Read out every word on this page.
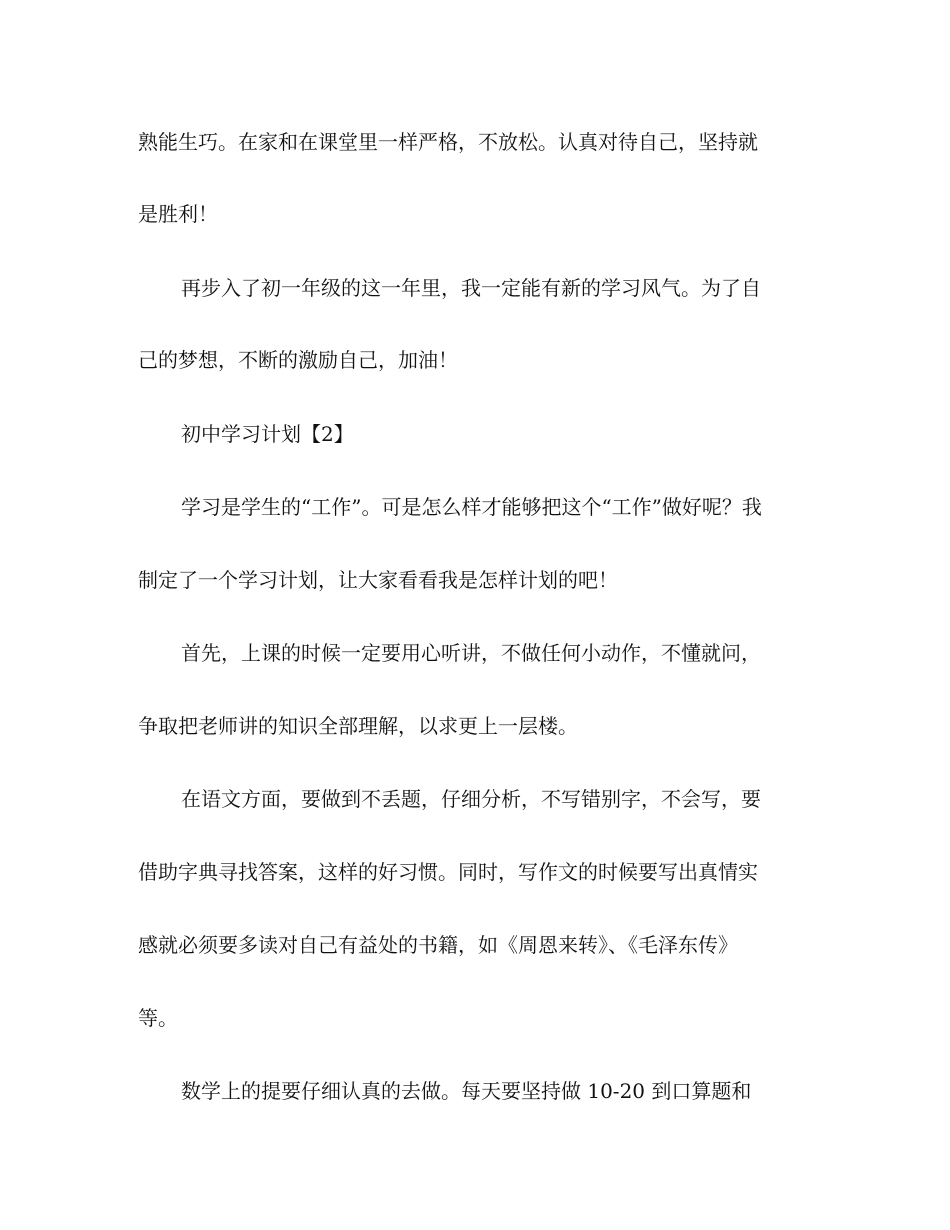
熟能生巧。在家和在课堂里一样严格，不放松。认真对待自己，坚持就
是胜利！
再步入了初一年级的这一年里，我一定能有新的学习风气。为了自
己的梦想，不断的激励自己，加油！
初中学习计划【2】
学习是学生的“工作”。可是怎么样才能够把这个“工作”做好呢？我
制定了一个学习计划，让大家看看我是怎样计划的吧！
首先，上课的时候一定要用心听讲，不做任何小动作，不懂就问，
争取把老师讲的知识全部理解，以求更上一层楼。
在语文方面，要做到不丢题，仔细分析，不写错别字，不会写，要
借助字典寻找答案，这样的好习惯。同时，写作文的时候要写出真情实
感就必须要多读对自己有益处的书籍，如《周恩来转》、《毛泽东传》
等。
数学上的提要仔细认真的去做。每天要坚持做 10-20 到口算题和
